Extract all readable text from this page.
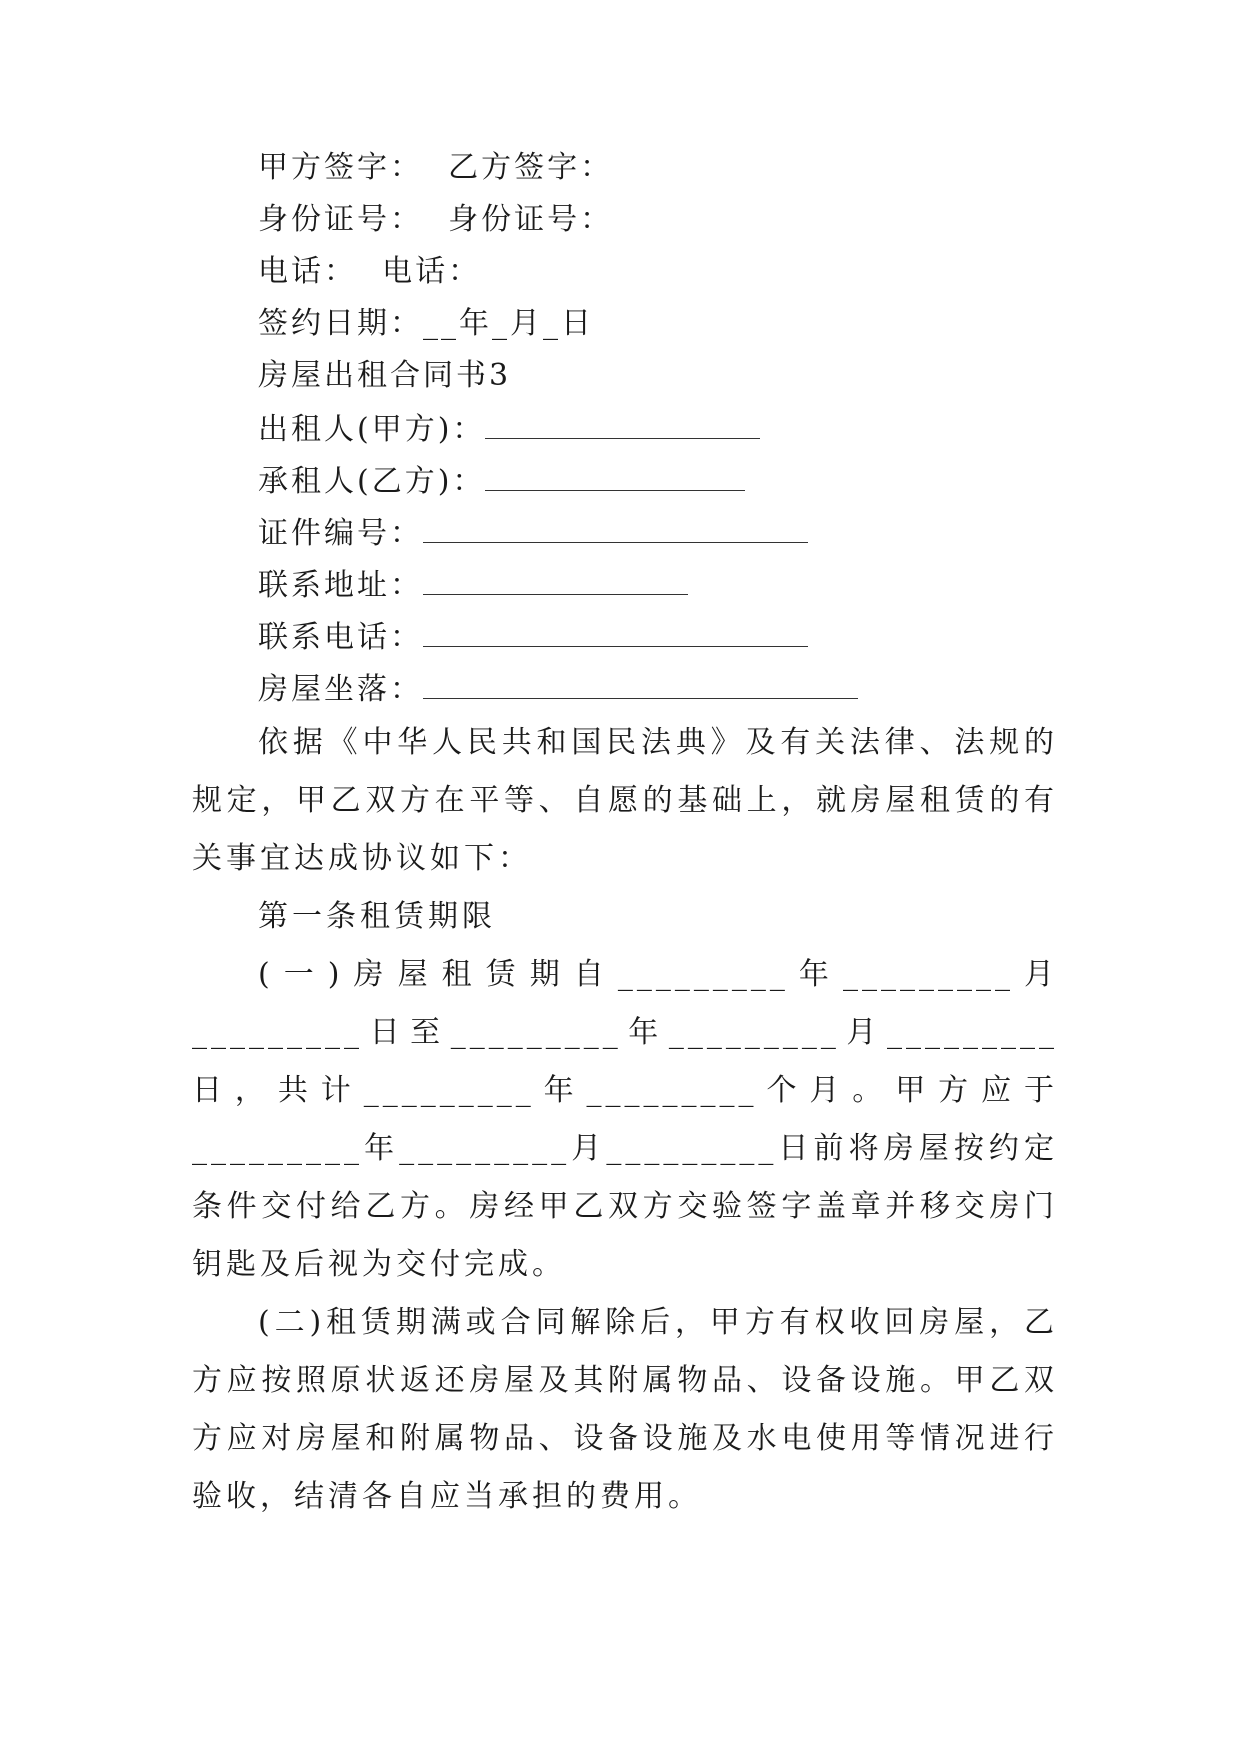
甲方签字： 乙方签字：
身份证号： 身份证号：
电话： 电话：
签约日期：__年_月_日
房屋出租合同书3
出租人(甲方)：
承租人(乙方)：
证件编号：
联系地址：
联系电话：
房屋坐落：

依据《中华人民共和国民法典》及有关法律、法规的规定，甲乙双方在平等、自愿的基础上，就房屋租赁的有关事宜达成协议如下：

第一条租赁期限

(一)房屋租赁期自_________年_________月_________日至_________年_________月_________日，共计_________年_________个月。甲方应于_________年_________月_________日前将房屋按约定条件交付给乙方。房经甲乙双方交验签字盖章并移交房门钥匙及后视为交付完成。

(二)租赁期满或合同解除后，甲方有权收回房屋，乙方应按照原状返还房屋及其附属物品、设备设施。甲乙双方应对房屋和附属物品、设备设施及水电使用等情况进行验收，结清各自应当承担的费用。
